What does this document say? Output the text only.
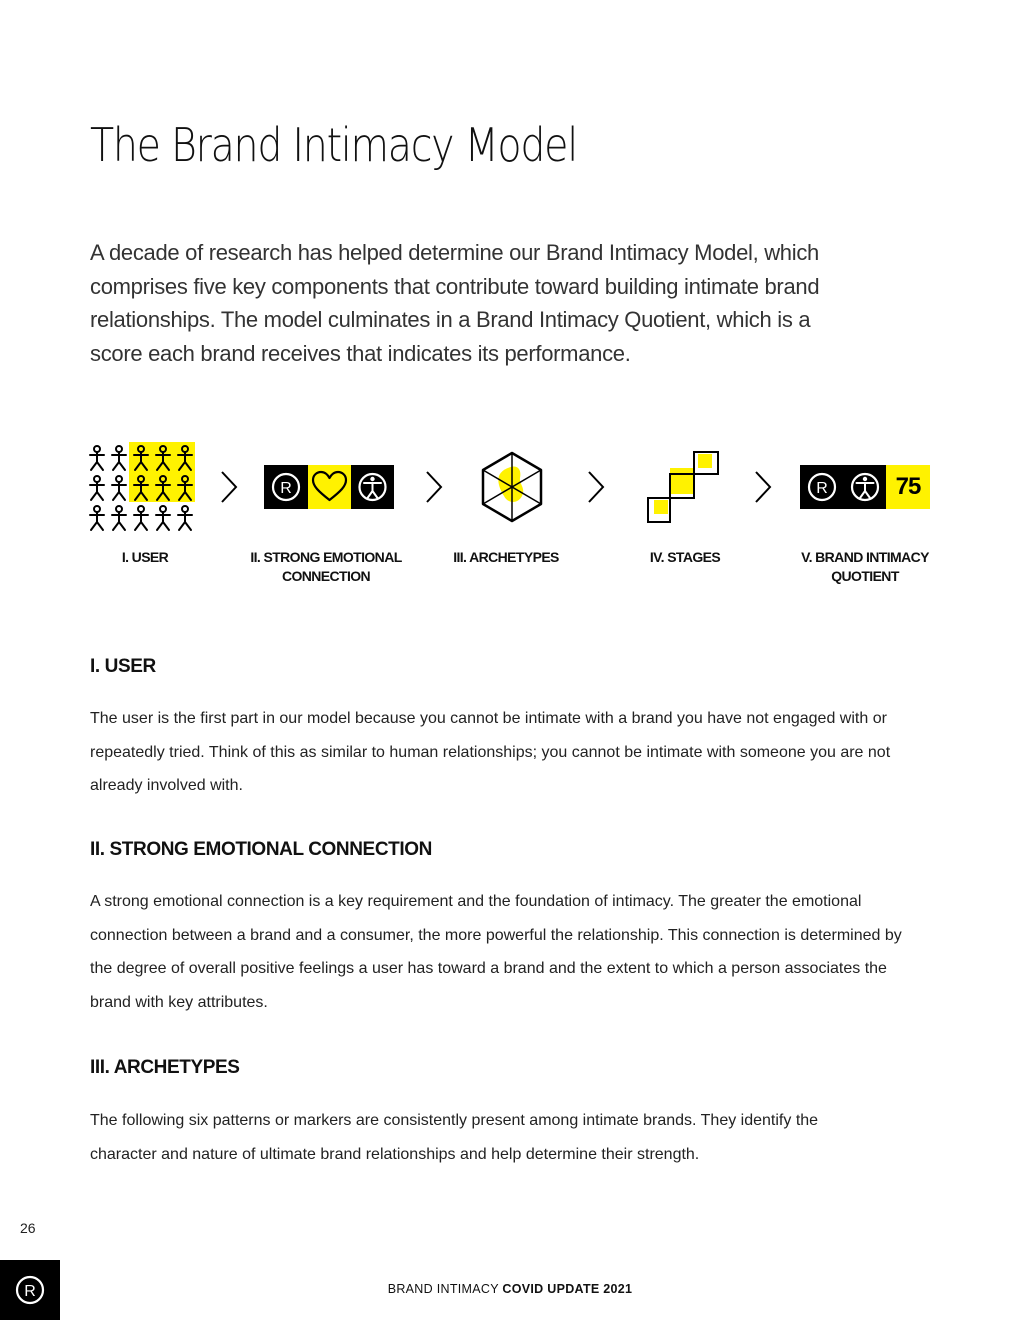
The Brand Intimacy Model

A decade of research has helped determine our Brand Intimacy Model, which comprises five key components that contribute toward building intimate brand relationships. The model culminates in a Brand Intimacy Quotient, which is a score each brand receives that indicates its performance.

I. USER
R
II. STRONG EMOTIONAL
CONNECTION
III. ARCHETYPES	IV. STAGES
R	75
V. BRAND INTIMACY
QUOTIENT
I. USER

The user is the first part in our model because you cannot be intimate with a brand you have not engaged with or repeatedly tried. Think of this as similar to human relationships; you cannot be intimate with someone you are not already involved with.

II. STRONG EMOTIONAL CONNECTION

A strong emotional connection is a key requirement and the foundation of intimacy. The greater the emotional connection between a brand and a consumer, the more powerful the relationship. This connection is determined by the degree of overall positive feelings a user has toward a brand and the extent to which a person associates the brand with key attributes.

III. ARCHETYPES

The following six patterns or markers are consistently present among intimate brands. They identify the character and nature of ultimate brand relationships and help determine their strength.

26
R	BRAND INTIMACY COVID UPDATE 2021
